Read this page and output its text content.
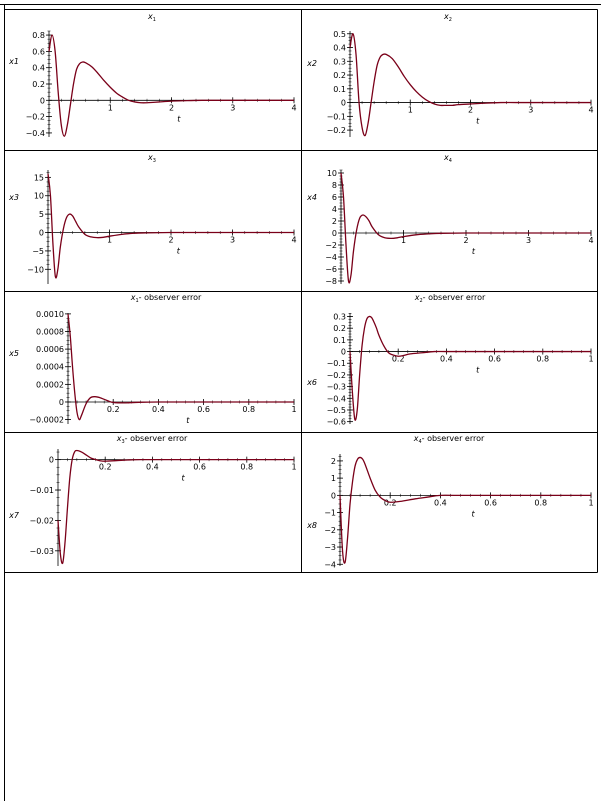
$x_1$
x1
t
1	2	3	4
−0.4
−0.2
0
0.2
0.4
0.6
0.8
$x_2$
x2
t
1	2	3	4
−0.2
−0.1
0
0.1
0.2
0.3
0.4
0.5
$x_3$
x3
t
1	2	3	4
−10
−5
0
5
10
15
$x_4$
x4
t
1	2	3	4
−8
−6
−4
−2
0
2
4
6
8
10
$x_1-$ observer error
x5
t
0.2	0.4	0.6	0.8	1
−0.0002
0
0.0002
0.0004
0.0006
0.0008
0.0010
$x_2-$ observer error
x6
t
0.2	0.4	0.6	0.8	1
−0.6
−0.5
−0.4
−0.3
−0.2
−0.1
0
0.1
0.2
0.3
$x_3-$ observer error
x7
t
0.2	0.4	0.6	0.8	1
−0.03
−0.02
−0.01
0
$x_4-$ observer error
x8
t
0.2	0.4	0.6	0.8	1
−4
−3
−2
−1
0
1
2
